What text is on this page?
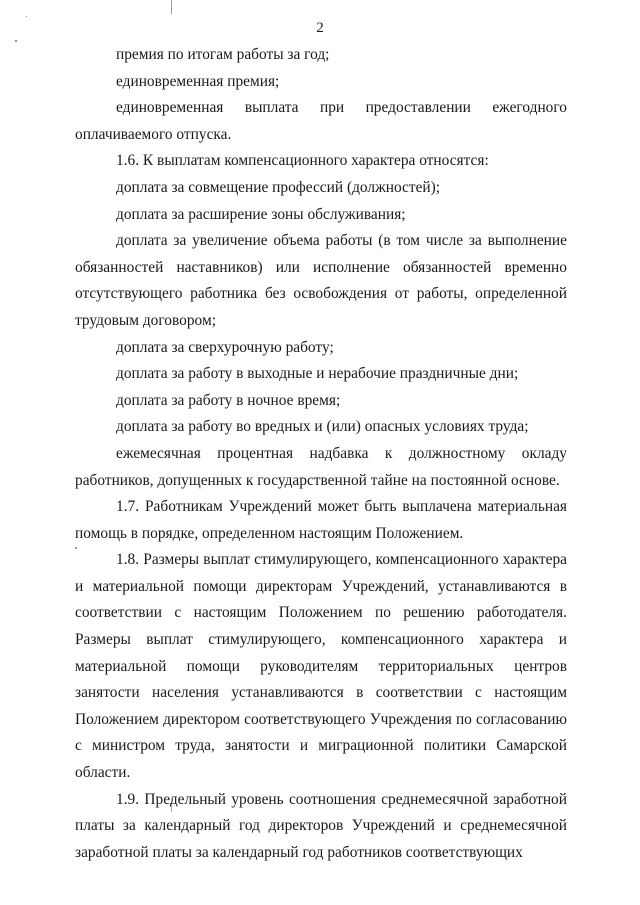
2

премия по итогам работы за год;

единовременная премия;

единовременная выплата при предоставлении ежегодного оплачиваемого отпуска.

1.6. К выплатам компенсационного характера относятся:

доплата за совмещение профессий (должностей);

доплата за расширение зоны обслуживания;

доплата за увеличение объема работы (в том числе за выполнение обязанностей наставников) или исполнение обязанностей временно отсутствующего работника без освобождения от работы, определенной трудовым договором;

доплата за сверхурочную работу;

доплата за работу в выходные и нерабочие праздничные дни;

доплата за работу в ночное время;

доплата за работу во вредных и (или) опасных условиях труда;

ежемесячная процентная надбавка к должностному окладу работников, допущенных к государственной тайне на постоянной основе.

1.7. Работникам Учреждений может быть выплачена материальная помощь в порядке, определенном настоящим Положением.

1.8. Размеры выплат стимулирующего, компенсационного характера и материальной помощи директорам Учреждений, устанавливаются в соответствии с настоящим Положением по решению работодателя. Размеры выплат стимулирующего, компенсационного характера и материальной помощи руководителям территориальных центров занятости населения устанавливаются в соответствии с настоящим Положением директором соответствующего Учреждения по согласованию с министром труда, занятости и миграционной политики Самарской области.

1.9. Предельный уровень соотношения среднемесячной заработной платы за календарный год директоров Учреждений и среднемесячной заработной платы за календарный год работников соответствующих
